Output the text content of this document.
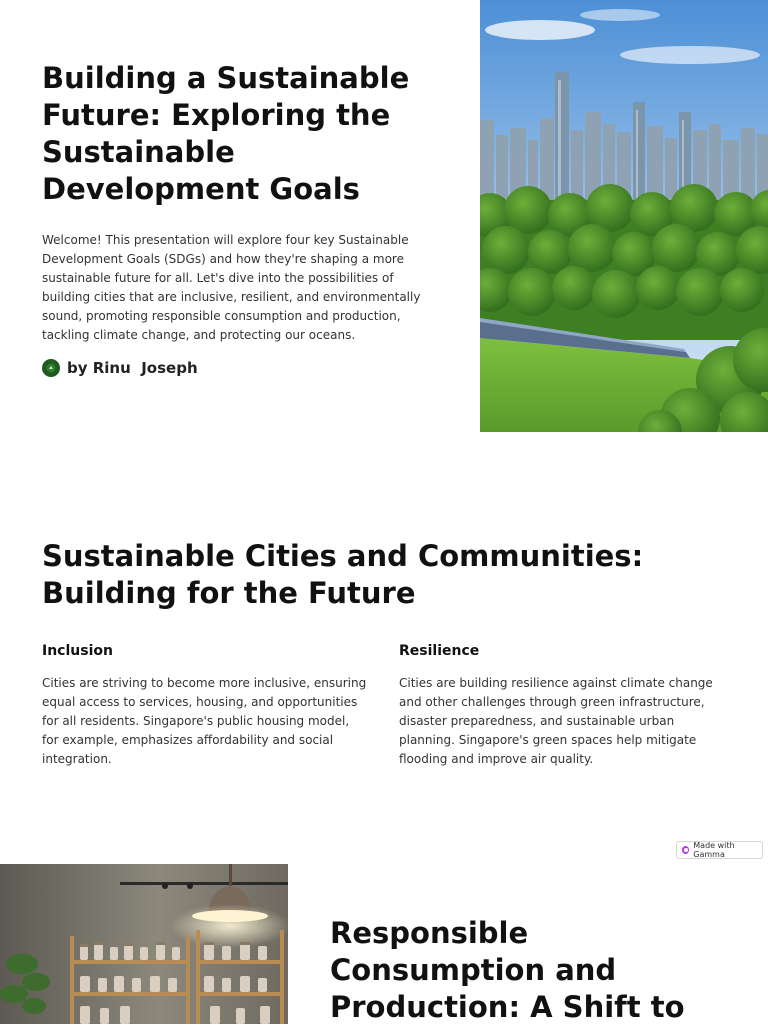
Building a Sustainable Future: Exploring the Sustainable Development Goals

Welcome! This presentation will explore four key Sustainable Development Goals (SDGs) and how they're shaping a more sustainable future for all. Let's dive into the possibilities of building cities that are inclusive, resilient, and environmentally sound, promoting responsible consumption and production, tackling climate change, and protecting our oceans.

by Rinu  Joseph
Sustainable Cities and Communities: Building for the Future
Inclusion

Cities are striving to become more inclusive, ensuring equal access to services, housing, and opportunities for all residents. Singapore's public housing model, for example, emphasizes affordability and social integration.

Resilience

Cities are building resilience against climate change and other challenges through green infrastructure, disaster preparedness, and sustainable urban planning. Singapore's green spaces help mitigate flooding and improve air quality.

Made with Gamma
Responsible Consumption and Production: A Shift to
